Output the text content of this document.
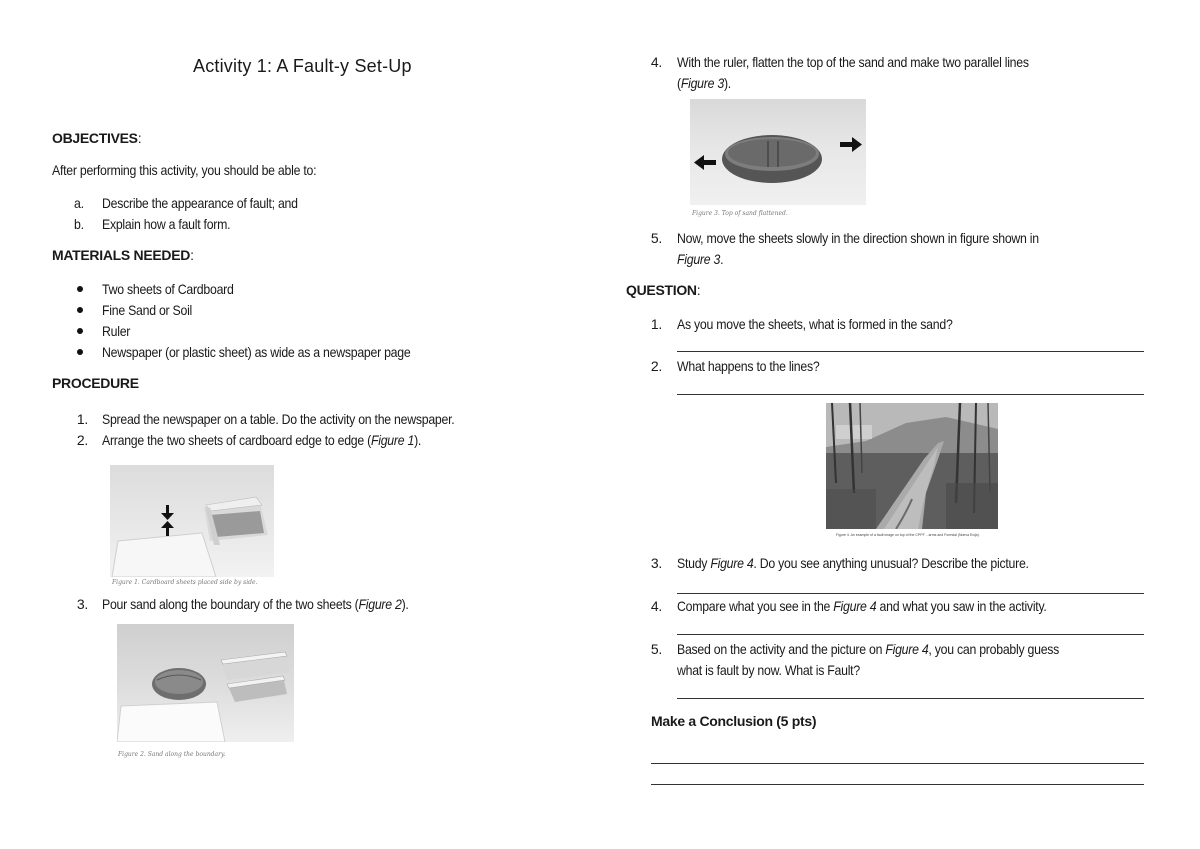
Activity 1: A Fault-y Set-Up
OBJECTIVES:
After performing this activity, you should be able to:
a. Describe the appearance of fault; and
b. Explain how a fault form.
MATERIALS NEEDED:
Two sheets of Cardboard
Fine Sand or Soil
Ruler
Newspaper (or plastic sheet) as wide as a newspaper page
PROCEDURE
1. Spread the newspaper on a table. Do the activity on the newspaper.
2. Arrange the two sheets of cardboard edge to edge (Figure 1).
Figure 1. Cardboard sheets placed side by side.
3. Pour sand along the boundary of the two sheets (Figure 2).
Figure 2. Sand along the boundary.
4. With the ruler, flatten the top of the sand and make two parallel lines
(Figure 3).
Figure 3. Top of sand flattened.
5. Now, move the sheets slowly in the direction shown in figure shown in
Figure 3.
QUESTION:
1. As you move the sheets, what is formed in the sand?
2. What happens to the lines?
Figure 4. An example of a fault image on top of the CPPF ...arms and Forestal (Nueva Ecija).
3. Study Figure 4. Do you see anything unusual? Describe the picture.
4. Compare what you see in the Figure 4 and what you saw in the activity.
5. Based on the activity and the picture on Figure 4, you can probably guess
what is fault by now. What is Fault?
Make a Conclusion (5 pts)
